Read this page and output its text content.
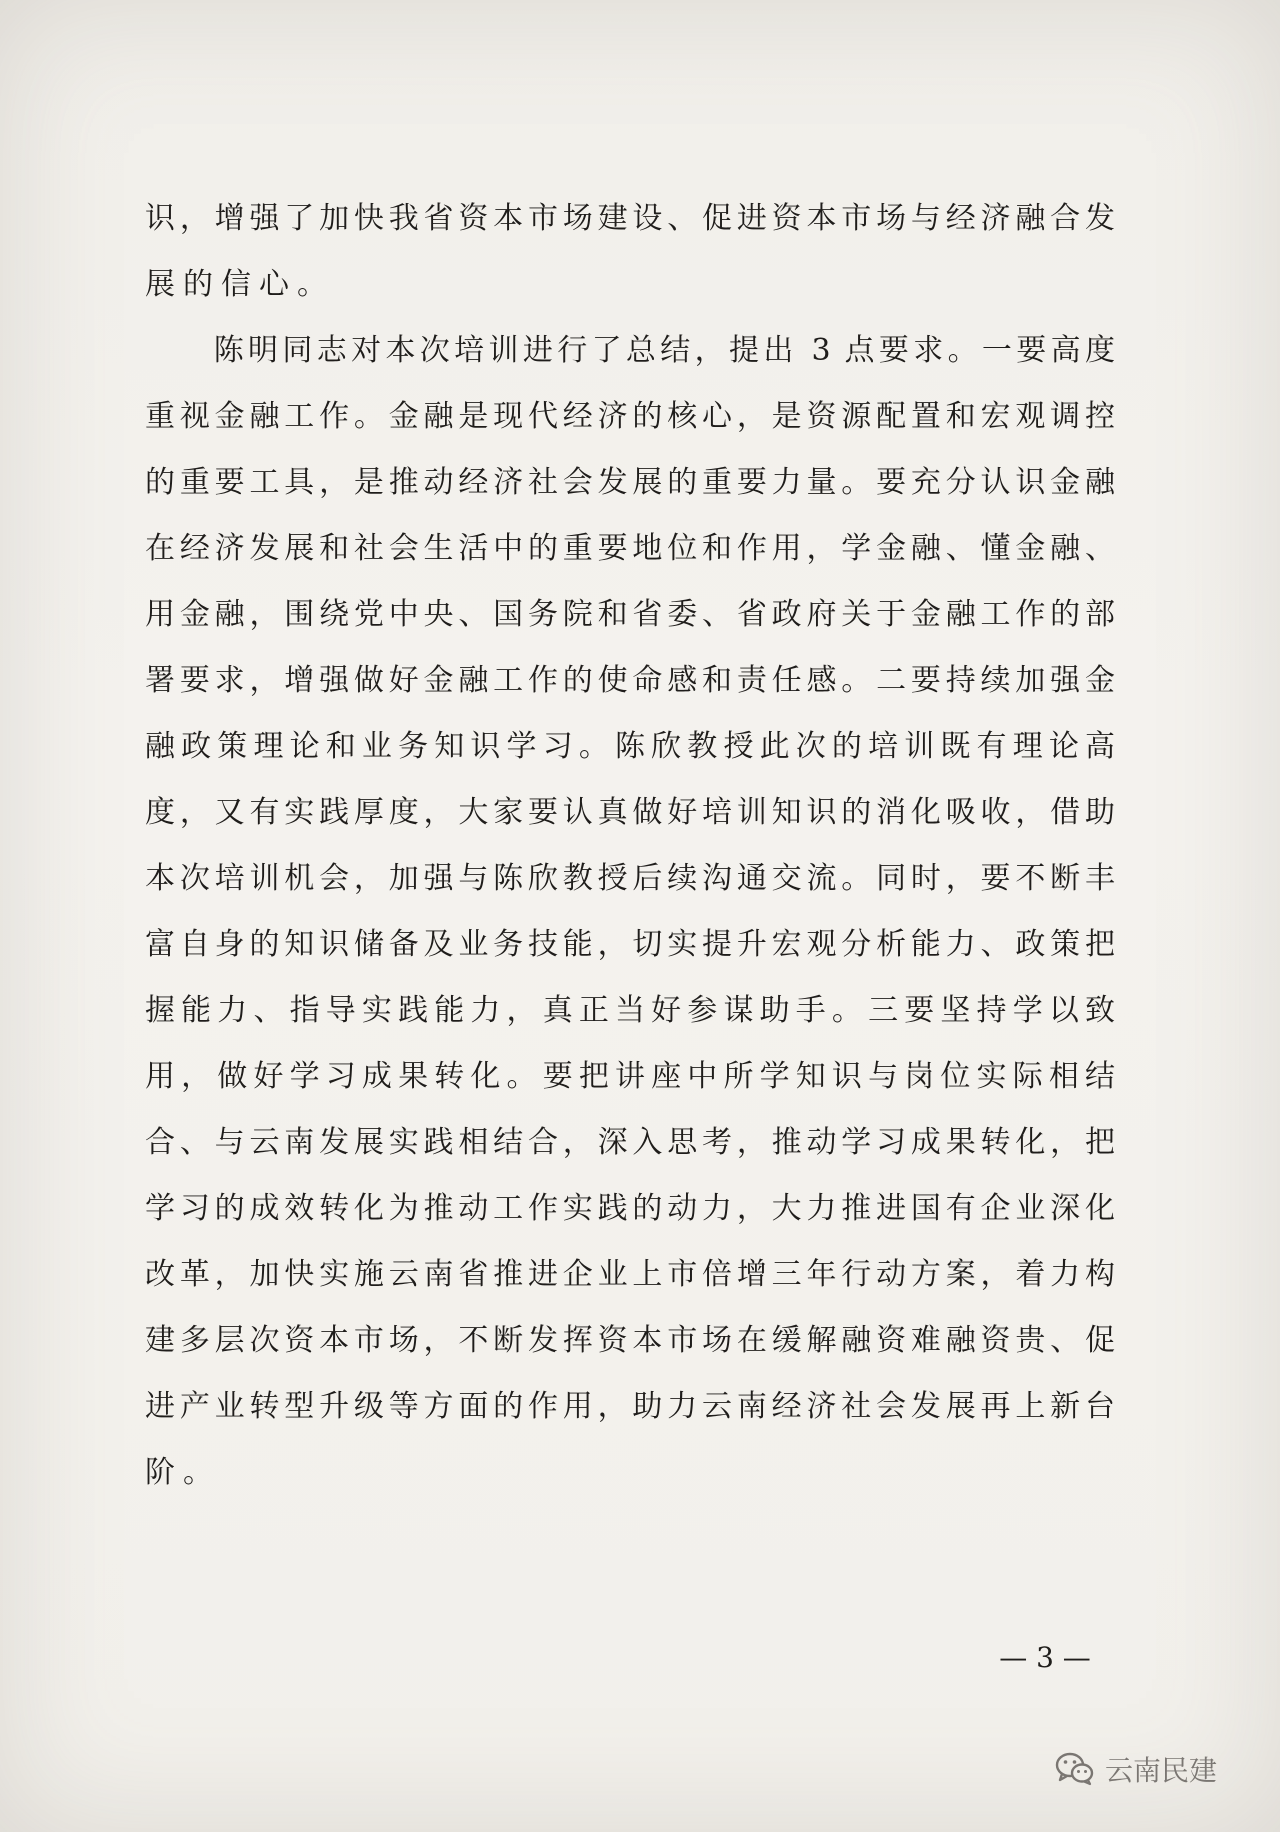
识，增强了加快我省资本市场建设、促进资本市场与经济融合发
展的信心。
　　陈明同志对本次培训进行了总结，提出 3 点要求。一要高度
重视金融工作。金融是现代经济的核心，是资源配置和宏观调控
的重要工具，是推动经济社会发展的重要力量。要充分认识金融
在经济发展和社会生活中的重要地位和作用，学金融、懂金融、
用金融，围绕党中央、国务院和省委、省政府关于金融工作的部
署要求，增强做好金融工作的使命感和责任感。二要持续加强金
融政策理论和业务知识学习。陈欣教授此次的培训既有理论高
度，又有实践厚度，大家要认真做好培训知识的消化吸收，借助
本次培训机会，加强与陈欣教授后续沟通交流。同时，要不断丰
富自身的知识储备及业务技能，切实提升宏观分析能力、政策把
握能力、指导实践能力，真正当好参谋助手。三要坚持学以致
用，做好学习成果转化。要把讲座中所学知识与岗位实际相结
合、与云南发展实践相结合，深入思考，推动学习成果转化，把
学习的成效转化为推动工作实践的动力，大力推进国有企业深化
改革，加快实施云南省推进企业上市倍增三年行动方案，着力构
建多层次资本市场，不断发挥资本市场在缓解融资难融资贵、促
进产业转型升级等方面的作用，助力云南经济社会发展再上新台
阶。
— 3 —
云南民建
